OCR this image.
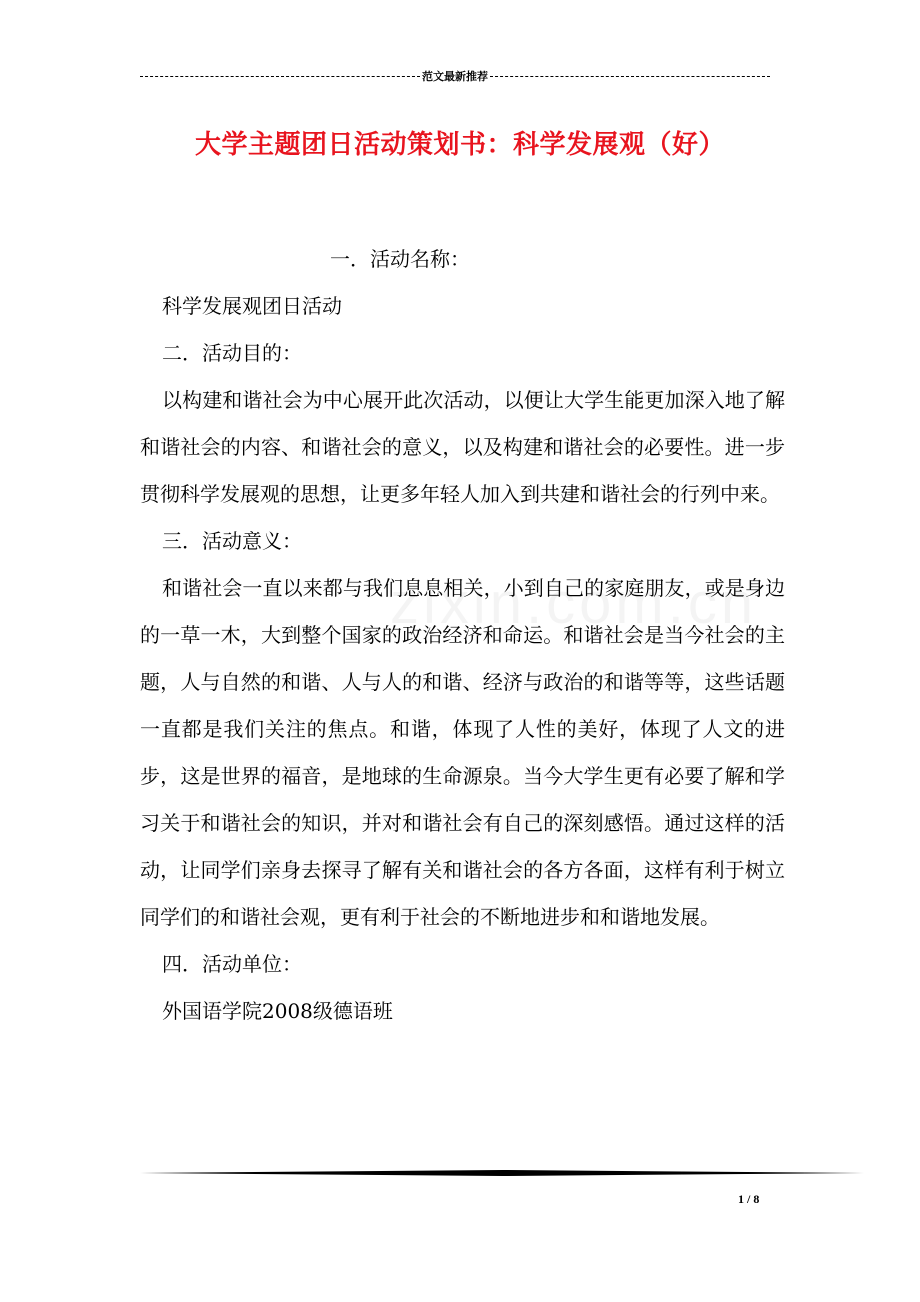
范文最新推荐
大学主题团日活动策划书：科学发展观（好）

一．活动名称：

科学发展观团日活动

二．活动目的：

以构建和谐社会为中心展开此次活动，以便让大学生能更加深入地了解和谐社会的内容、和谐社会的意义，以及构建和谐社会的必要性。进一步贯彻科学发展观的思想，让更多年轻人加入到共建和谐社会的行列中来。

三．活动意义：

和谐社会一直以来都与我们息息相关，小到自己的家庭朋友，或是身边的一草一木，大到整个国家的政治经济和命运。和谐社会是当今社会的主题，人与自然的和谐、人与人的和谐、经济与政治的和谐等等，这些话题一直都是我们关注的焦点。和谐，体现了人性的美好，体现了人文的进步，这是世界的福音，是地球的生命源泉。当今大学生更有必要了解和学习关于和谐社会的知识，并对和谐社会有自己的深刻感悟。通过这样的活动，让同学们亲身去探寻了解有关和谐社会的各方各面，这样有利于树立同学们的和谐社会观，更有利于社会的不断地进步和和谐地发展。

四．活动单位：

外国语学院2008级德语班

1 / 8
